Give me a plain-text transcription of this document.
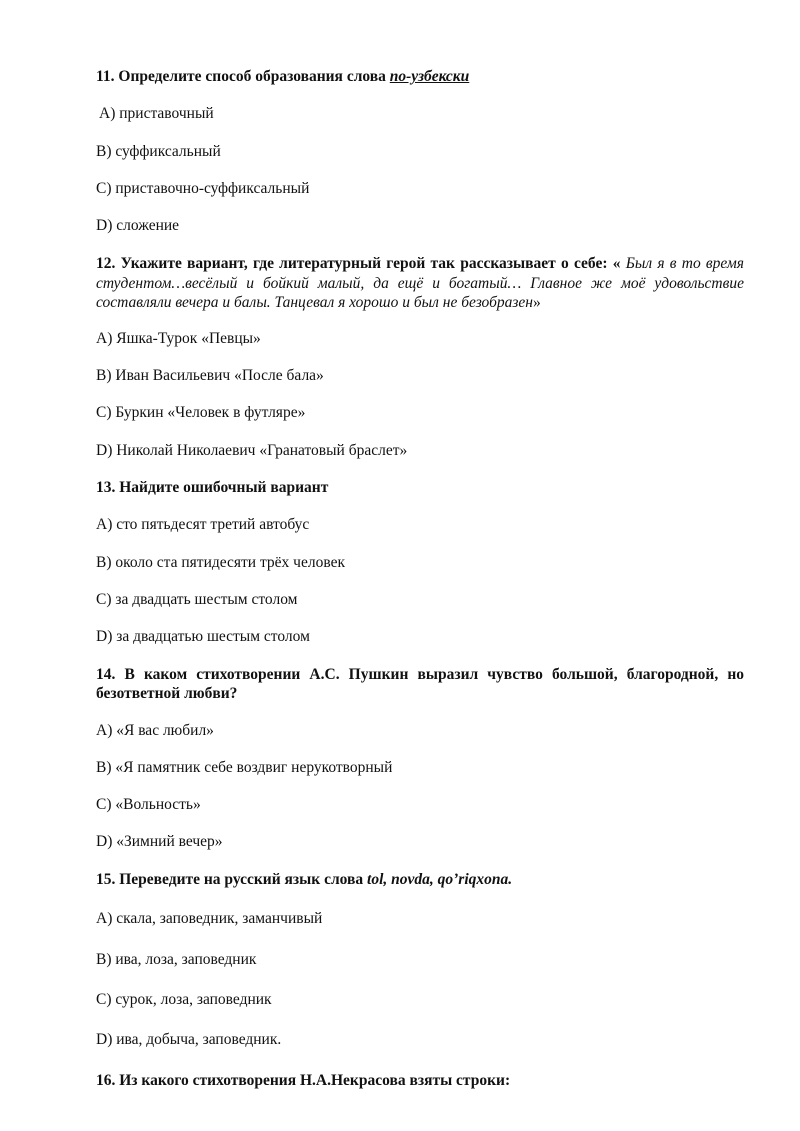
11. Определите способ образования слова по-узбекски
А) приставочный
В) суффиксальный
С) приставочно-суффиксальный
D) сложение
12. Укажите вариант, где литературный герой так рассказывает о себе: « Был я в то время студентом…весёлый и бойкий малый, да ещё и богатый… Главное же моё удовольствие составляли вечера и балы. Танцевал я хорошо и был не безобразен»
А) Яшка-Турок «Певцы»
В) Иван Васильевич «После бала»
С) Буркин «Человек в футляре»
D) Николай Николаевич «Гранатовый браслет»
13. Найдите ошибочный вариант
А) сто пятьдесят третий автобус
В) около ста пятидесяти трёх человек
С) за двадцать шестым столом
D) за двадцатью шестым столом
14. В каком стихотворении А.С. Пушкин выразил чувство большой, благородной, но безответной любви?
А) «Я вас любил»
В) «Я памятник себе воздвиг нерукотворный
С) «Вольность»
D) «Зимний вечер»
15. Переведите на русский язык слова tol, novda, qo’riqxona.
А) скала, заповедник, заманчивый
В) ива, лоза, заповедник
С) сурок, лоза, заповедник
D) ива, добыча, заповедник.
16. Из какого стихотворения Н.А.Некрасова взяты строки:
